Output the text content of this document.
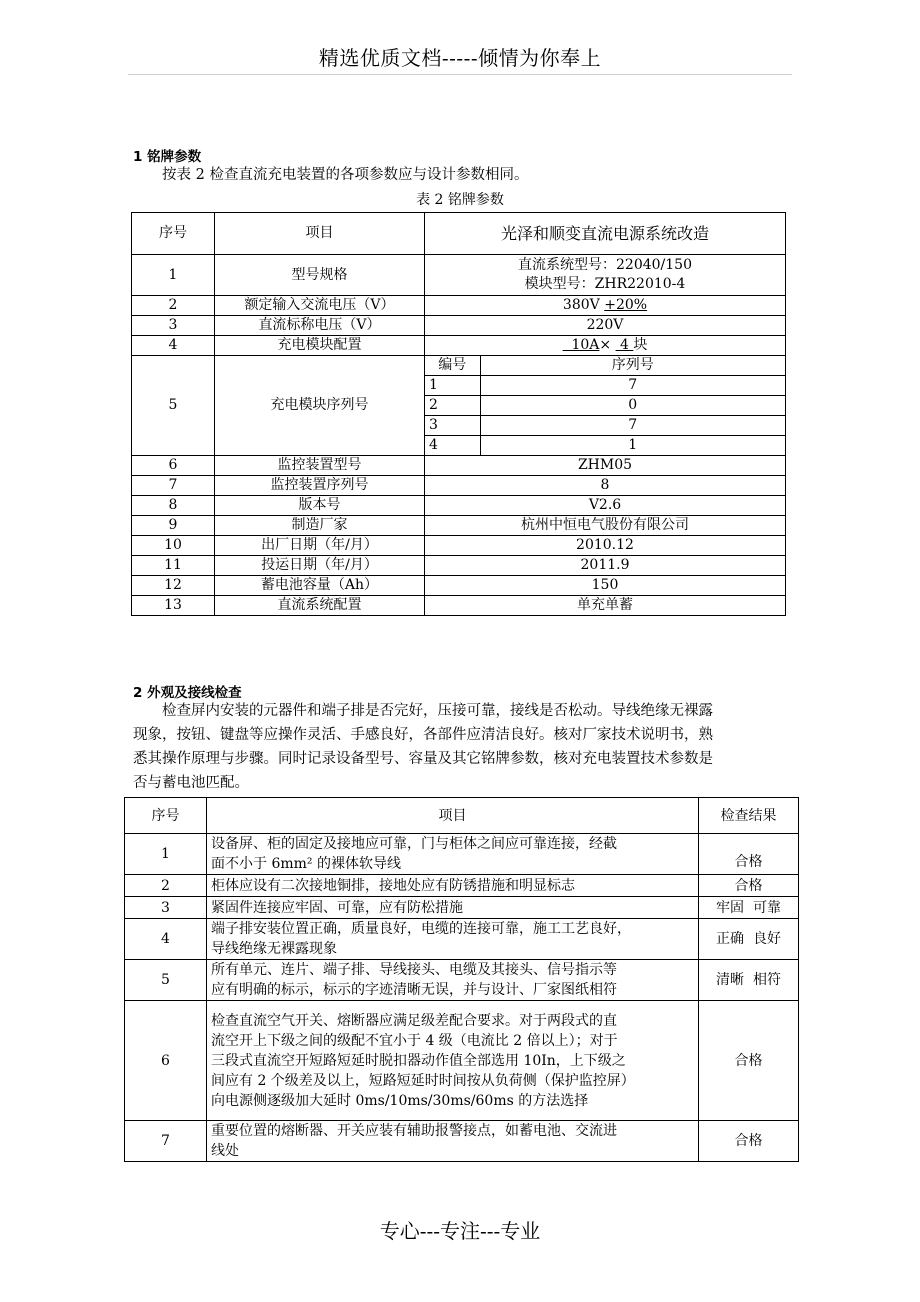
精选优质文档-----倾情为你奉上
1 铭牌参数
按表 2 检查直流充电装置的各项参数应与设计参数相同。
表 2 铭牌参数
序号	项目	光泽和顺变直流电源系统改造
1	型号规格	
直流系统型号：22040/150
模块型号：ZHR22010-4

2	额定输入交流电压（V）	380V +20%
3	直流标称电压（V）	220V
4	充电模块配置	10A×  4 块
5	充电模块序列号	
编号	序列号
1	7
2	0
3	7
4	1

6	监控装置型号	ZHM05
7	监控装置序列号	8
8	版本号	V2.6
9	制造厂家	杭州中恒电气股份有限公司
10	出厂日期（年/月）	2010.12
11	投运日期（年/月）	2011.9
12	蓄电池容量（Ah）	150
13	直流系统配置	单充单蓄
2 外观及接线检查
检查屏内安装的元器件和端子排是否完好，压接可靠，接线是否松动。导线绝缘无裸露
现象，按钮、键盘等应操作灵活、手感良好，各部件应清洁良好。核对厂家技术说明书，熟
悉其操作原理与步骤。同时记录设备型号、容量及其它铭牌参数，核对充电装置技术参数是
否与蓄电池匹配。
序号	项目	检查结果
1	设备屏、柜的固定及接地应可靠，门与柜体之间应可靠连接，经截
面不小于 6mm² 的裸体软导线	合格
2	柜体应设有二次接地铜排，接地处应有防锈措施和明显标志	合格
3	紧固件连接应牢固、可靠，应有防松措施	牢固  可靠
4	端子排安装位置正确，质量良好，电缆的连接可靠，施工工艺良好，
导线绝缘无裸露现象	正确  良好
5	所有单元、连片、端子排、导线接头、电缆及其接头、信号指示等
应有明确的标示，标示的字迹清晰无误，并与设计、厂家图纸相符	清晰  相符
6	检查直流空气开关、熔断器应满足级差配合要求。对于两段式的直
流空开上下级之间的级配不宜小于 4 级（电流比 2 倍以上）；对于
三段式直流空开短路短延时脱扣器动作值全部选用 10In，上下级之
间应有 2 个级差及以上，短路短延时时间按从负荷侧（保护监控屏）
向电源侧逐级加大延时 0ms/10ms/30ms/60ms 的方法选择	合格
7	重要位置的熔断器、开关应装有辅助报警接点，如蓄电池、交流进
线处	合格
专心---专注---专业
